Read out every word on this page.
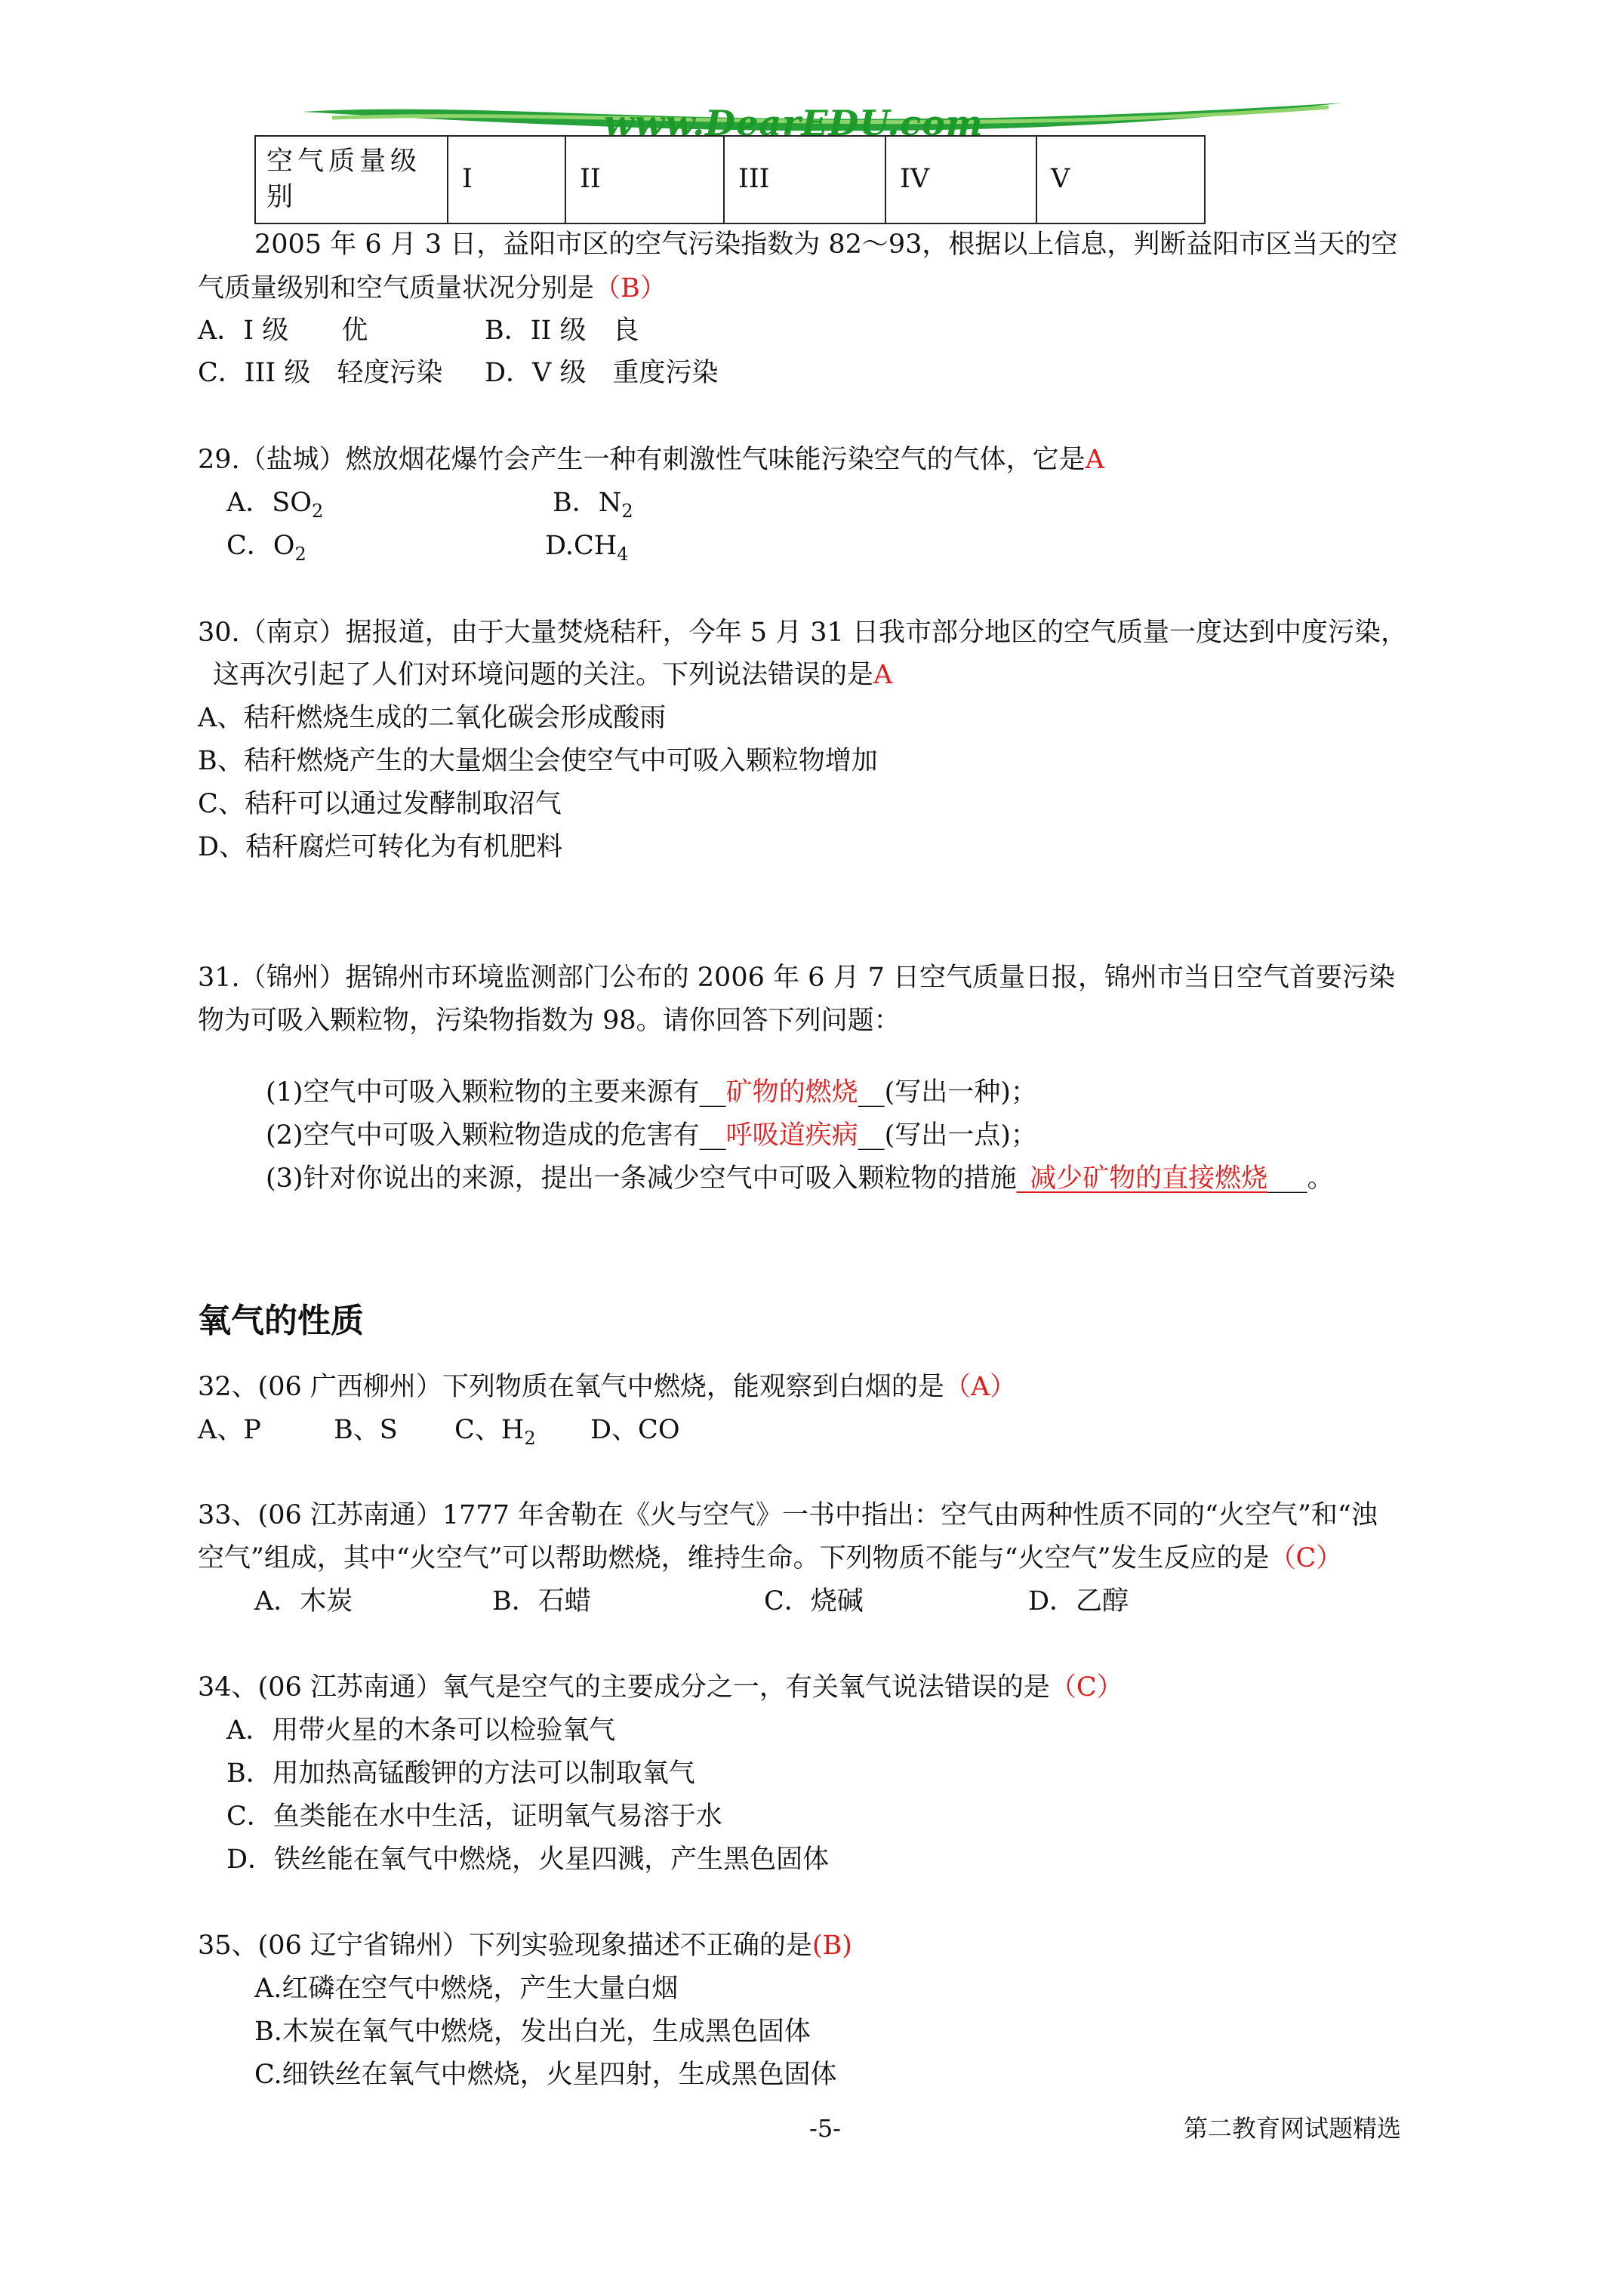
www.DearEDU.com
空气质量级别	I	II	III	IV	V
2005 年 6 月 3 日，益阳市区的空气污染指数为 82～93，根据以上信息，判断益阳市区当天的空
气质量级别和空气质量状况分别是（B）
A．I 级　　优	B．II 级　良
C．III 级　轻度污染 D．V 级　重度污染
29.（盐城）燃放烟花爆竹会产生一种有刺激性气味能污染空气的气体，它是A
A．$SO_2$	B．$N_2$
C．$O_2$	$D.CH_4$
30.（南京）据报道，由于大量焚烧秸秆，今年 5 月 31 日我市部分地区的空气质量一度达到中度污染，
这再次引起了人们对环境问题的关注。下列说法错误的是A
A、秸秆燃烧生成的二氧化碳会形成酸雨
B、秸秆燃烧产生的大量烟尘会使空气中可吸入颗粒物增加
C、秸秆可以通过发酵制取沼气
D、秸秆腐烂可转化为有机肥料
31.（锦州）据锦州市环境监测部门公布的 2006 年 6 月 7 日空气质量日报，锦州市当日空气首要污染
物为可吸入颗粒物，污染物指数为 98。请你回答下列问题：
(1)空气中可吸入颗粒物的主要来源有__矿物的燃烧__(写出一种)；
(2)空气中可吸入颗粒物造成的危害有__呼吸道疾病__(写出一点)；
(3)针对你说出的来源，提出一条减少空气中可吸入颗粒物的措施_减少矿物的直接燃烧___。
氧气的性质
32、(06 广西柳州）下列物质在氧气中燃烧，能观察到白烟的是（A）
A、P	B、S C、$H_2$ D、CO
33、(06 江苏南通）1777 年舍勒在《火与空气》一书中指出：空气由两种性质不同的“火空气”和“浊
空气”组成，其中“火空气”可以帮助燃烧，维持生命。下列物质不能与“火空气”发生反应的是（C）
A．木炭	B．石蜡	C．烧碱	D．乙醇
34、(06 江苏南通）氧气是空气的主要成分之一，有关氧气说法错误的是（C）
A．用带火星的木条可以检验氧气
B．用加热高锰酸钾的方法可以制取氧气
C．鱼类能在水中生活，证明氧气易溶于水
D．铁丝能在氧气中燃烧，火星四溅，产生黑色固体
35、(06 辽宁省锦州）下列实验现象描述不正确的是(B)
A.红磷在空气中燃烧，产生大量白烟
B.木炭在氧气中燃烧，发出白光，生成黑色固体
C.细铁丝在氧气中燃烧，火星四射，生成黑色固体
-5-	第二教育网试题精选
